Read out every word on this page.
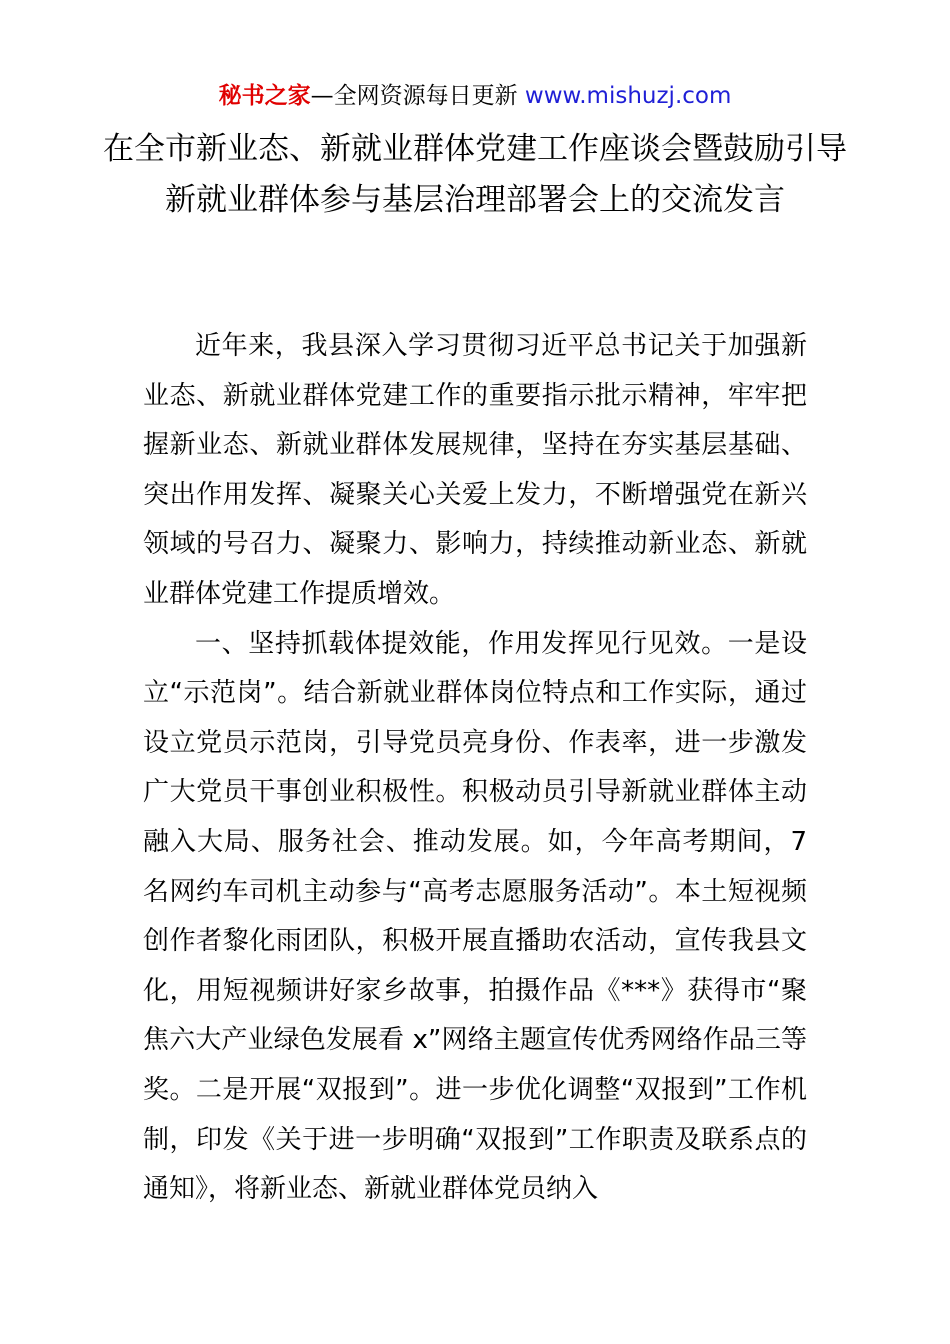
秘书之家—全网资源每日更新 www.mishuzj.com
在全市新业态、新就业群体党建工作座谈会暨鼓励引导新就业群体参与基层治理部署会上的交流发言

近年来，我县深入学习贯彻习近平总书记关于加强新业态、新就业群体党建工作的重要指示批示精神，牢牢把握新业态、新就业群体发展规律，坚持在夯实基层基础、突出作用发挥、凝聚关心关爱上发力，不断增强党在新兴领域的号召力、凝聚力、影响力，持续推动新业态、新就业群体党建工作提质增效。

一、坚持抓载体提效能，作用发挥见行见效。一是设立“示范岗”。结合新就业群体岗位特点和工作实际，通过设立党员示范岗，引导党员亮身份、作表率，进一步激发广大党员干事创业积极性。积极动员引导新就业群体主动融入大局、服务社会、推动发展。如，今年高考期间，7名网约车司机主动参与“高考志愿服务活动”。本土短视频创作者黎化雨团队，积极开展直播助农活动，宣传我县文化，用短视频讲好家乡故事，拍摄作品《***》获得市“聚焦六大产业绿色发展看 x”网络主题宣传优秀网络作品三等奖。二是开展“双报到”。进一步优化调整“双报到”工作机制，印发《关于进一步明确“双报到”工作职责及联系点的通知》，将新业态、新就业群体党员纳入
